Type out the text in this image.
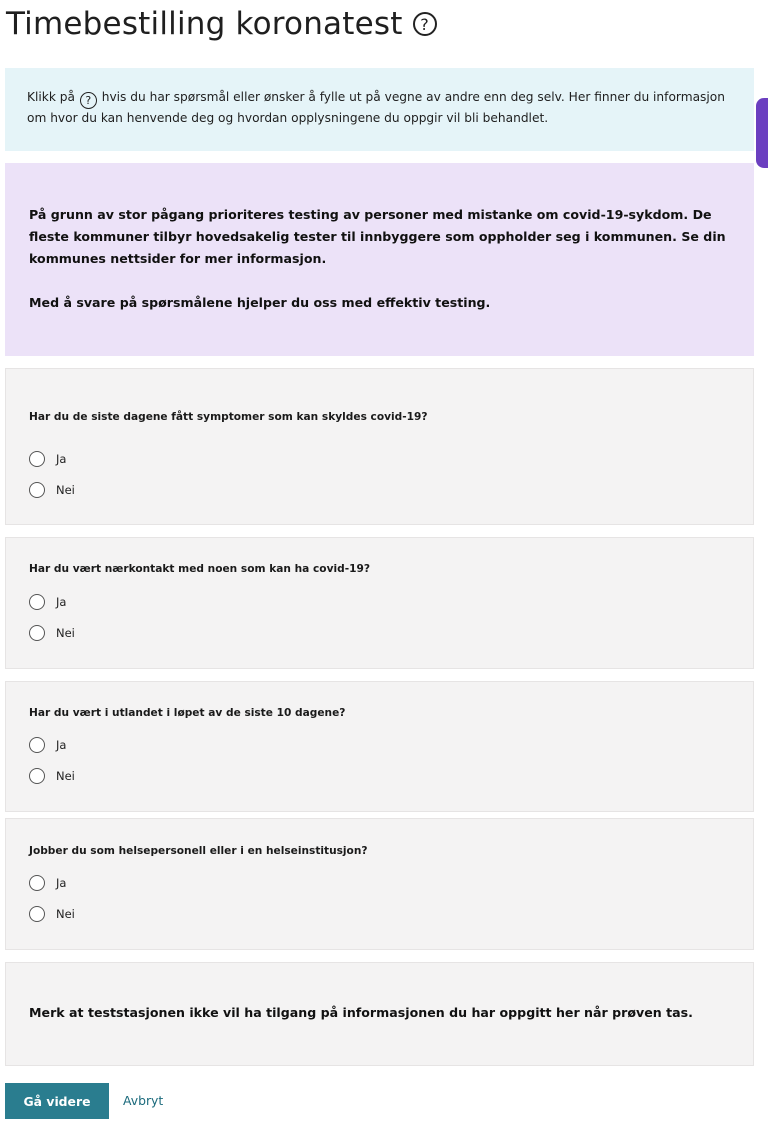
Timebestilling koronatest	?
Klikk på ? hvis du har spørsmål eller ønsker å fylle ut på vegne av andre enn deg selv. Her finner du informasjon om hvor du kan henvende deg og hvordan opplysningene du oppgir vil bli behandlet.

På grunn av stor pågang prioriteres testing av personer med mistanke om covid-19-sykdom. De fleste kommuner tilbyr hovedsakelig tester til innbyggere som oppholder seg i kommunen. Se din kommunes nettsider for mer informasjon.

Med å svare på spørsmålene hjelper du oss med effektiv testing.

Har du de siste dagene fått symptomer som kan skyldes covid-19?
Ja
Nei
Har du vært nærkontakt med noen som kan ha covid-19?
Ja
Nei
Har du vært i utlandet i løpet av de siste 10 dagene?
Ja
Nei
Jobber du som helsepersonell eller i en helseinstitusjon?
Ja
Nei
Merk at teststasjonen ikke vil ha tilgang på informasjonen du har oppgitt her når prøven tas.
Gå videre	Avbryt
